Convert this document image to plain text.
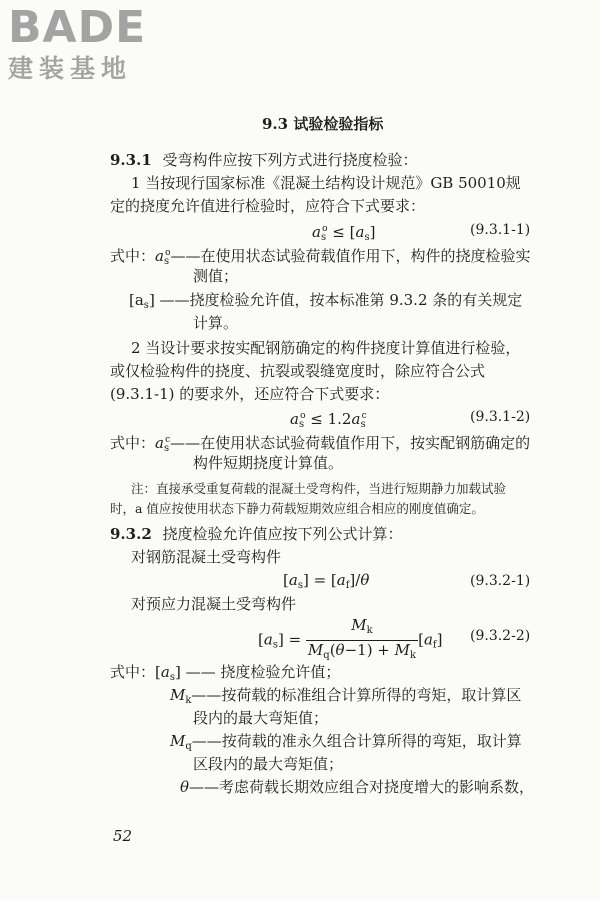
BADE
建装基地
9.3 试验检验指标
9.3.1 受弯构件应按下列方式进行挠度检验：
1 当按现行国家标准《混凝土结构设计规范》GB 50010规
定的挠度允许值进行检验时，应符合下式要求：
$a_s^o \le [a_s]$	(9.3.1-1)
式中：$a_s^o——$在使用状态试验荷载值作用下，构件的挠度检验实
测值；
$[a_s]$ ——挠度检验允许值，按本标准第 9.3.2 条的有关规定
计算。
2 当设计要求按实配钢筋确定的构件挠度计算值进行检验，
或仅检验构件的挠度、抗裂或裂缝宽度时，除应符合公式
(9.3.1-1) 的要求外，还应符合下式要求：
$a_s^o \le 1.2a_s^c$	(9.3.1-2)
式中：$a_s^c——$在使用状态试验荷载值作用下，按实配钢筋确定的
构件短期挠度计算值。
注：直接承受重复荷载的混凝土受弯构件，当进行短期静力加载试验
时，a 值应按使用状态下静力荷载短期效应组合相应的刚度值确定。
9.3.2 挠度检验允许值应按下列公式计算：
对钢筋混凝土受弯构件
$[a_s] = [a_f]/\theta$	(9.3.2-1)
对预应力混凝土受弯构件
$[a_s] = \frac{M_k}{M_q(\theta-1) + M_k} [a_f]$ (9.3.2-2)
式中：$[a_s]$ —— 挠度检验允许值；
$M_k——$按荷载的标准组合计算所得的弯矩，取计算区
段内的最大弯矩值；
$M_q——$按荷载的准永久组合计算所得的弯矩，取计算
区段内的最大弯矩值；
θ——考虑荷载长期效应组合对挠度增大的影响系数，
52
